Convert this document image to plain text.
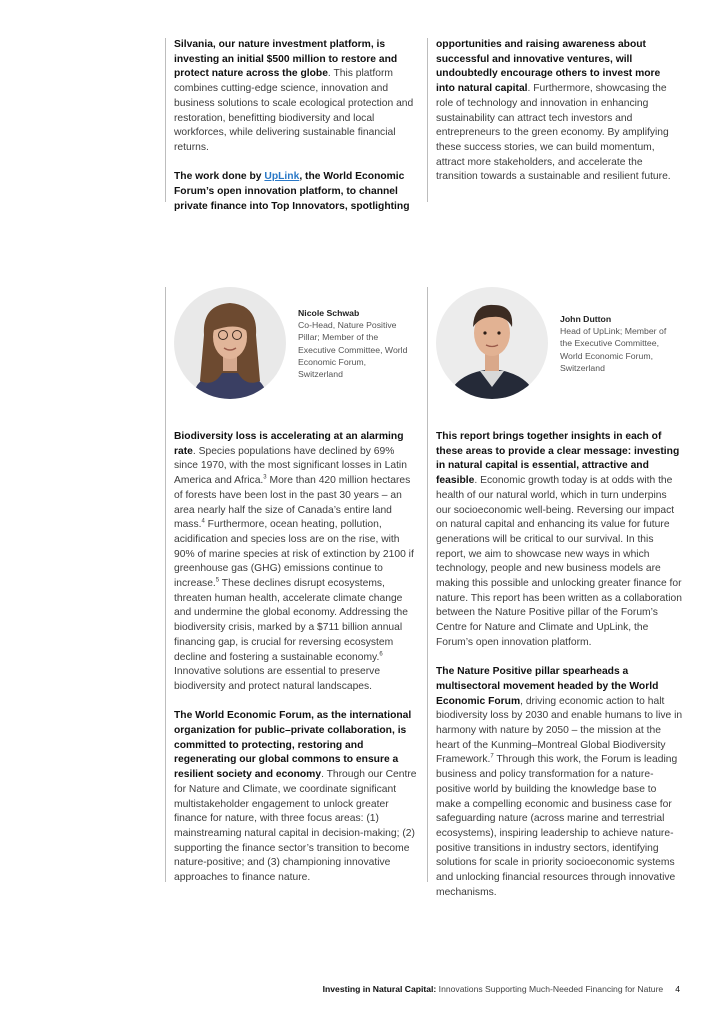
Silvania, our nature investment platform, is investing an initial $500 million to restore and protect nature across the globe. This platform combines cutting-edge science, innovation and business solutions to scale ecological protection and restoration, benefitting biodiversity and local workforces, while delivering sustainable financial returns.

The work done by UpLink, the World Economic Forum’s open innovation platform, to channel private finance into Top Innovators, spotlighting

opportunities and raising awareness about successful and innovative ventures, will undoubtedly encourage others to invest more into natural capital. Furthermore, showcasing the role of technology and innovation in enhancing sustainability can attract tech investors and entrepreneurs to the green economy. By amplifying these success stories, we can build momentum, attract more stakeholders, and accelerate the transition towards a sustainable and resilient future.

Nicole Schwab
Co-Head, Nature Positive Pillar; Member of the Executive Committee, World Economic Forum, Switzerland
John Dutton
Head of UpLink; Member of the Executive Committee, World Economic Forum, Switzerland

Biodiversity loss is accelerating at an alarming rate. Species populations have declined by 69% since 1970, with the most significant losses in Latin America and Africa.$^3$ More than 420 million hectares of forests have been lost in the past 30 years – an area nearly half the size of Canada’s entire land mass.$^4$ Furthermore, ocean heating, pollution, acidification and species loss are on the rise, with 90% of marine species at risk of extinction by 2100 if greenhouse gas (GHG) emissions continue to increase.$^5$ These declines disrupt ecosystems, threaten human health, accelerate climate change and undermine the global economy. Addressing the biodiversity crisis, marked by a $711 billion annual financing gap, is crucial for reversing ecosystem decline and fostering a sustainable economy.$^6$ Innovative solutions are essential to preserve biodiversity and protect natural landscapes.

The World Economic Forum, as the international organization for public–private collaboration, is committed to protecting, restoring and regenerating our global commons to ensure a resilient society and economy. Through our Centre for Nature and Climate, we coordinate significant multistakeholder engagement to unlock greater finance for nature, with three focus areas: (1) mainstreaming natural capital in decision-making; (2) supporting the finance sector’s transition to become nature-positive; and (3) championing innovative approaches to finance nature.

This report brings together insights in each of these areas to provide a clear message: investing in natural capital is essential, attractive and feasible. Economic growth today is at odds with the health of our natural world, which in turn underpins our socioeconomic well-being. Reversing our impact on natural capital and enhancing its value for future generations will be critical to our survival. In this report, we aim to showcase new ways in which technology, people and new business models are making this possible and unlocking greater finance for nature. This report has been written as a collaboration between the Nature Positive pillar of the Forum’s Centre for Nature and Climate and UpLink, the Forum’s open innovation platform.

The Nature Positive pillar spearheads a multisectoral movement headed by the World Economic Forum, driving economic action to halt biodiversity loss by 2030 and enable humans to live in harmony with nature by 2050 – the mission at the heart of the Kunming–Montreal Global Biodiversity Framework.$^7$ Through this work, the Forum is leading business and policy transformation for a nature-positive world by building the knowledge base to make a compelling economic and business case for safeguarding nature (across marine and terrestrial ecosystems), inspiring leadership to achieve nature-positive transitions in industry sectors, identifying solutions for scale in priority socioeconomic systems and unlocking financial resources through innovative mechanisms.

Investing in Natural Capital: Innovations Supporting Much-Needed Financing for Nature 4
